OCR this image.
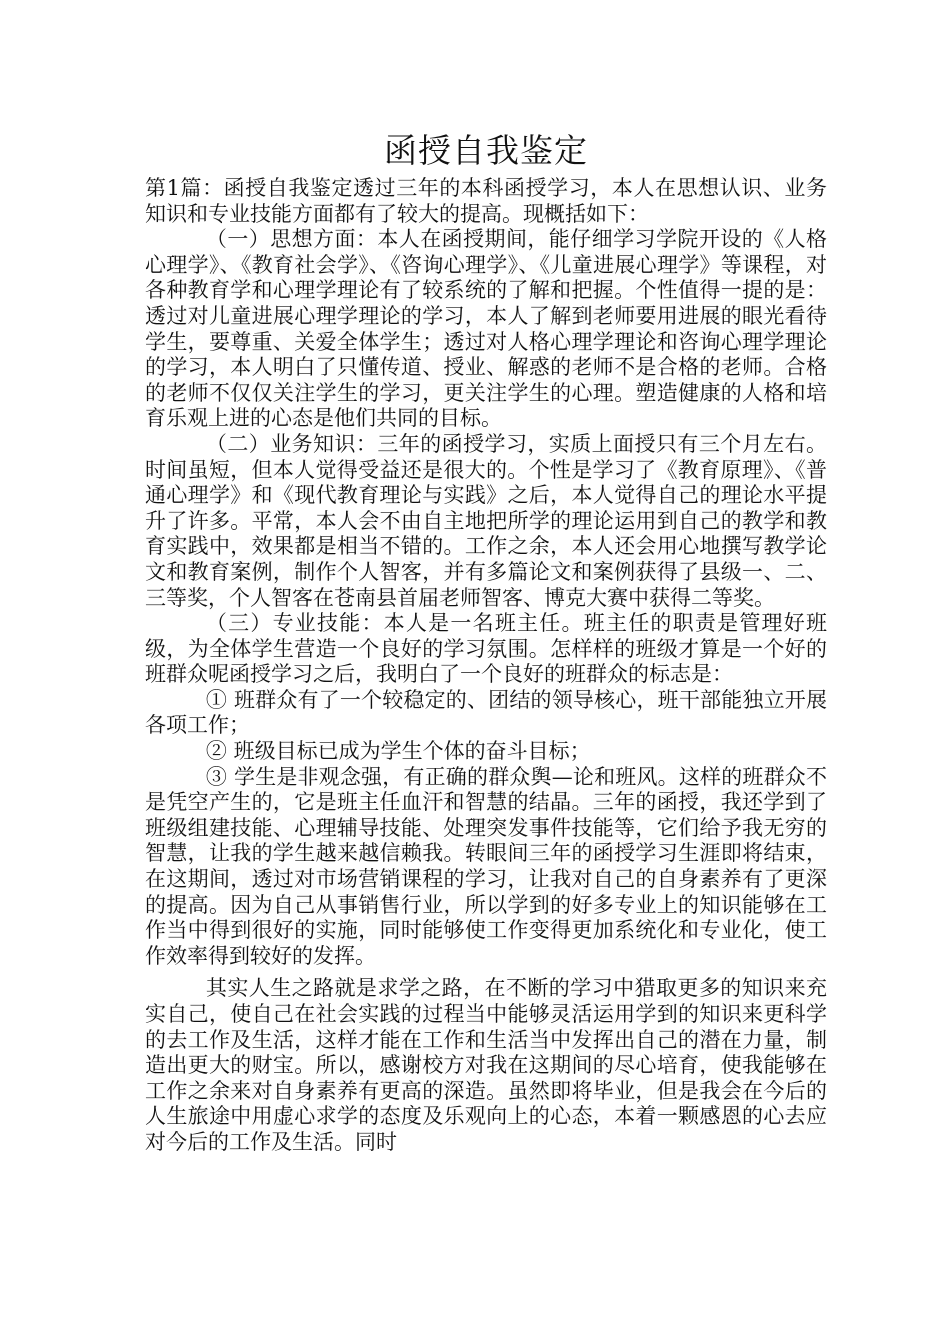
函授自我鉴定

第1篇：函授自我鉴定透过三年的本科函授学习，本人在思想认识、业务知识和专业技能方面都有了较大的提高。现概括如下：

（一）思想方面：本人在函授期间，能仔细学习学院开设的《人格心理学》、《教育社会学》、《咨询心理学》、《儿童进展心理学》等课程，对各种教育学和心理学理论有了较系统的了解和把握。个性值得一提的是：透过对儿童进展心理学理论的学习，本人了解到老师要用进展的眼光看待学生，要尊重、关爱全体学生；透过对人格心理学理论和咨询心理学理论的学习，本人明白了只懂传道、授业、解惑的老师不是合格的老师。合格的老师不仅仅关注学生的学习，更关注学生的心理。塑造健康的人格和培育乐观上进的心态是他们共同的目标。

（二）业务知识：三年的函授学习，实质上面授只有三个月左右。时间虽短，但本人觉得受益还是很大的。个性是学习了《教育原理》、《普通心理学》和《现代教育理论与实践》之后，本人觉得自己的理论水平提升了许多。平常，本人会不由自主地把所学的理论运用到自己的教学和教育实践中，效果都是相当不错的。工作之余，本人还会用心地撰写教学论文和教育案例，制作个人智客，并有多篇论文和案例获得了县级一、二、三等奖，个人智客在苍南县首届老师智客、博克大赛中获得二等奖。

（三）专业技能：本人是一名班主任。班主任的职责是管理好班级，为全体学生营造一个良好的学习氛围。怎样样的班级才算是一个好的班群众呢函授学习之后，我明白了一个良好的班群众的标志是：

① 班群众有了一个较稳定的、团结的领导核心，班干部能独立开展各项工作；

② 班级目标已成为学生个体的奋斗目标；

③ 学生是非观念强，有正确的群众舆—论和班风。这样的班群众不是凭空产生的，它是班主任血汗和智慧的结晶。三年的函授，我还学到了班级组建技能、心理辅导技能、处理突发事件技能等，它们给予我无穷的智慧，让我的学生越来越信赖我。转眼间三年的函授学习生涯即将结束，在这期间，透过对市场营销课程的学习，让我对自己的自身素养有了更深的提高。因为自己从事销售行业，所以学到的好多专业上的知识能够在工作当中得到很好的实施，同时能够使工作变得更加系统化和专业化，使工作效率得到较好的发挥。

其实人生之路就是求学之路，在不断的学习中猎取更多的知识来充实自己，使自己在社会实践的过程当中能够灵活运用学到的知识来更科学的去工作及生活，这样才能在工作和生活当中发挥出自己的潜在力量，制造出更大的财宝。所以，感谢校方对我在这期间的尽心培育，使我能够在工作之余来对自身素养有更高的深造。虽然即将毕业，但是我会在今后的人生旅途中用虚心求学的态度及乐观向上的心态，本着一颗感恩的心去应对今后的工作及生活。同时
